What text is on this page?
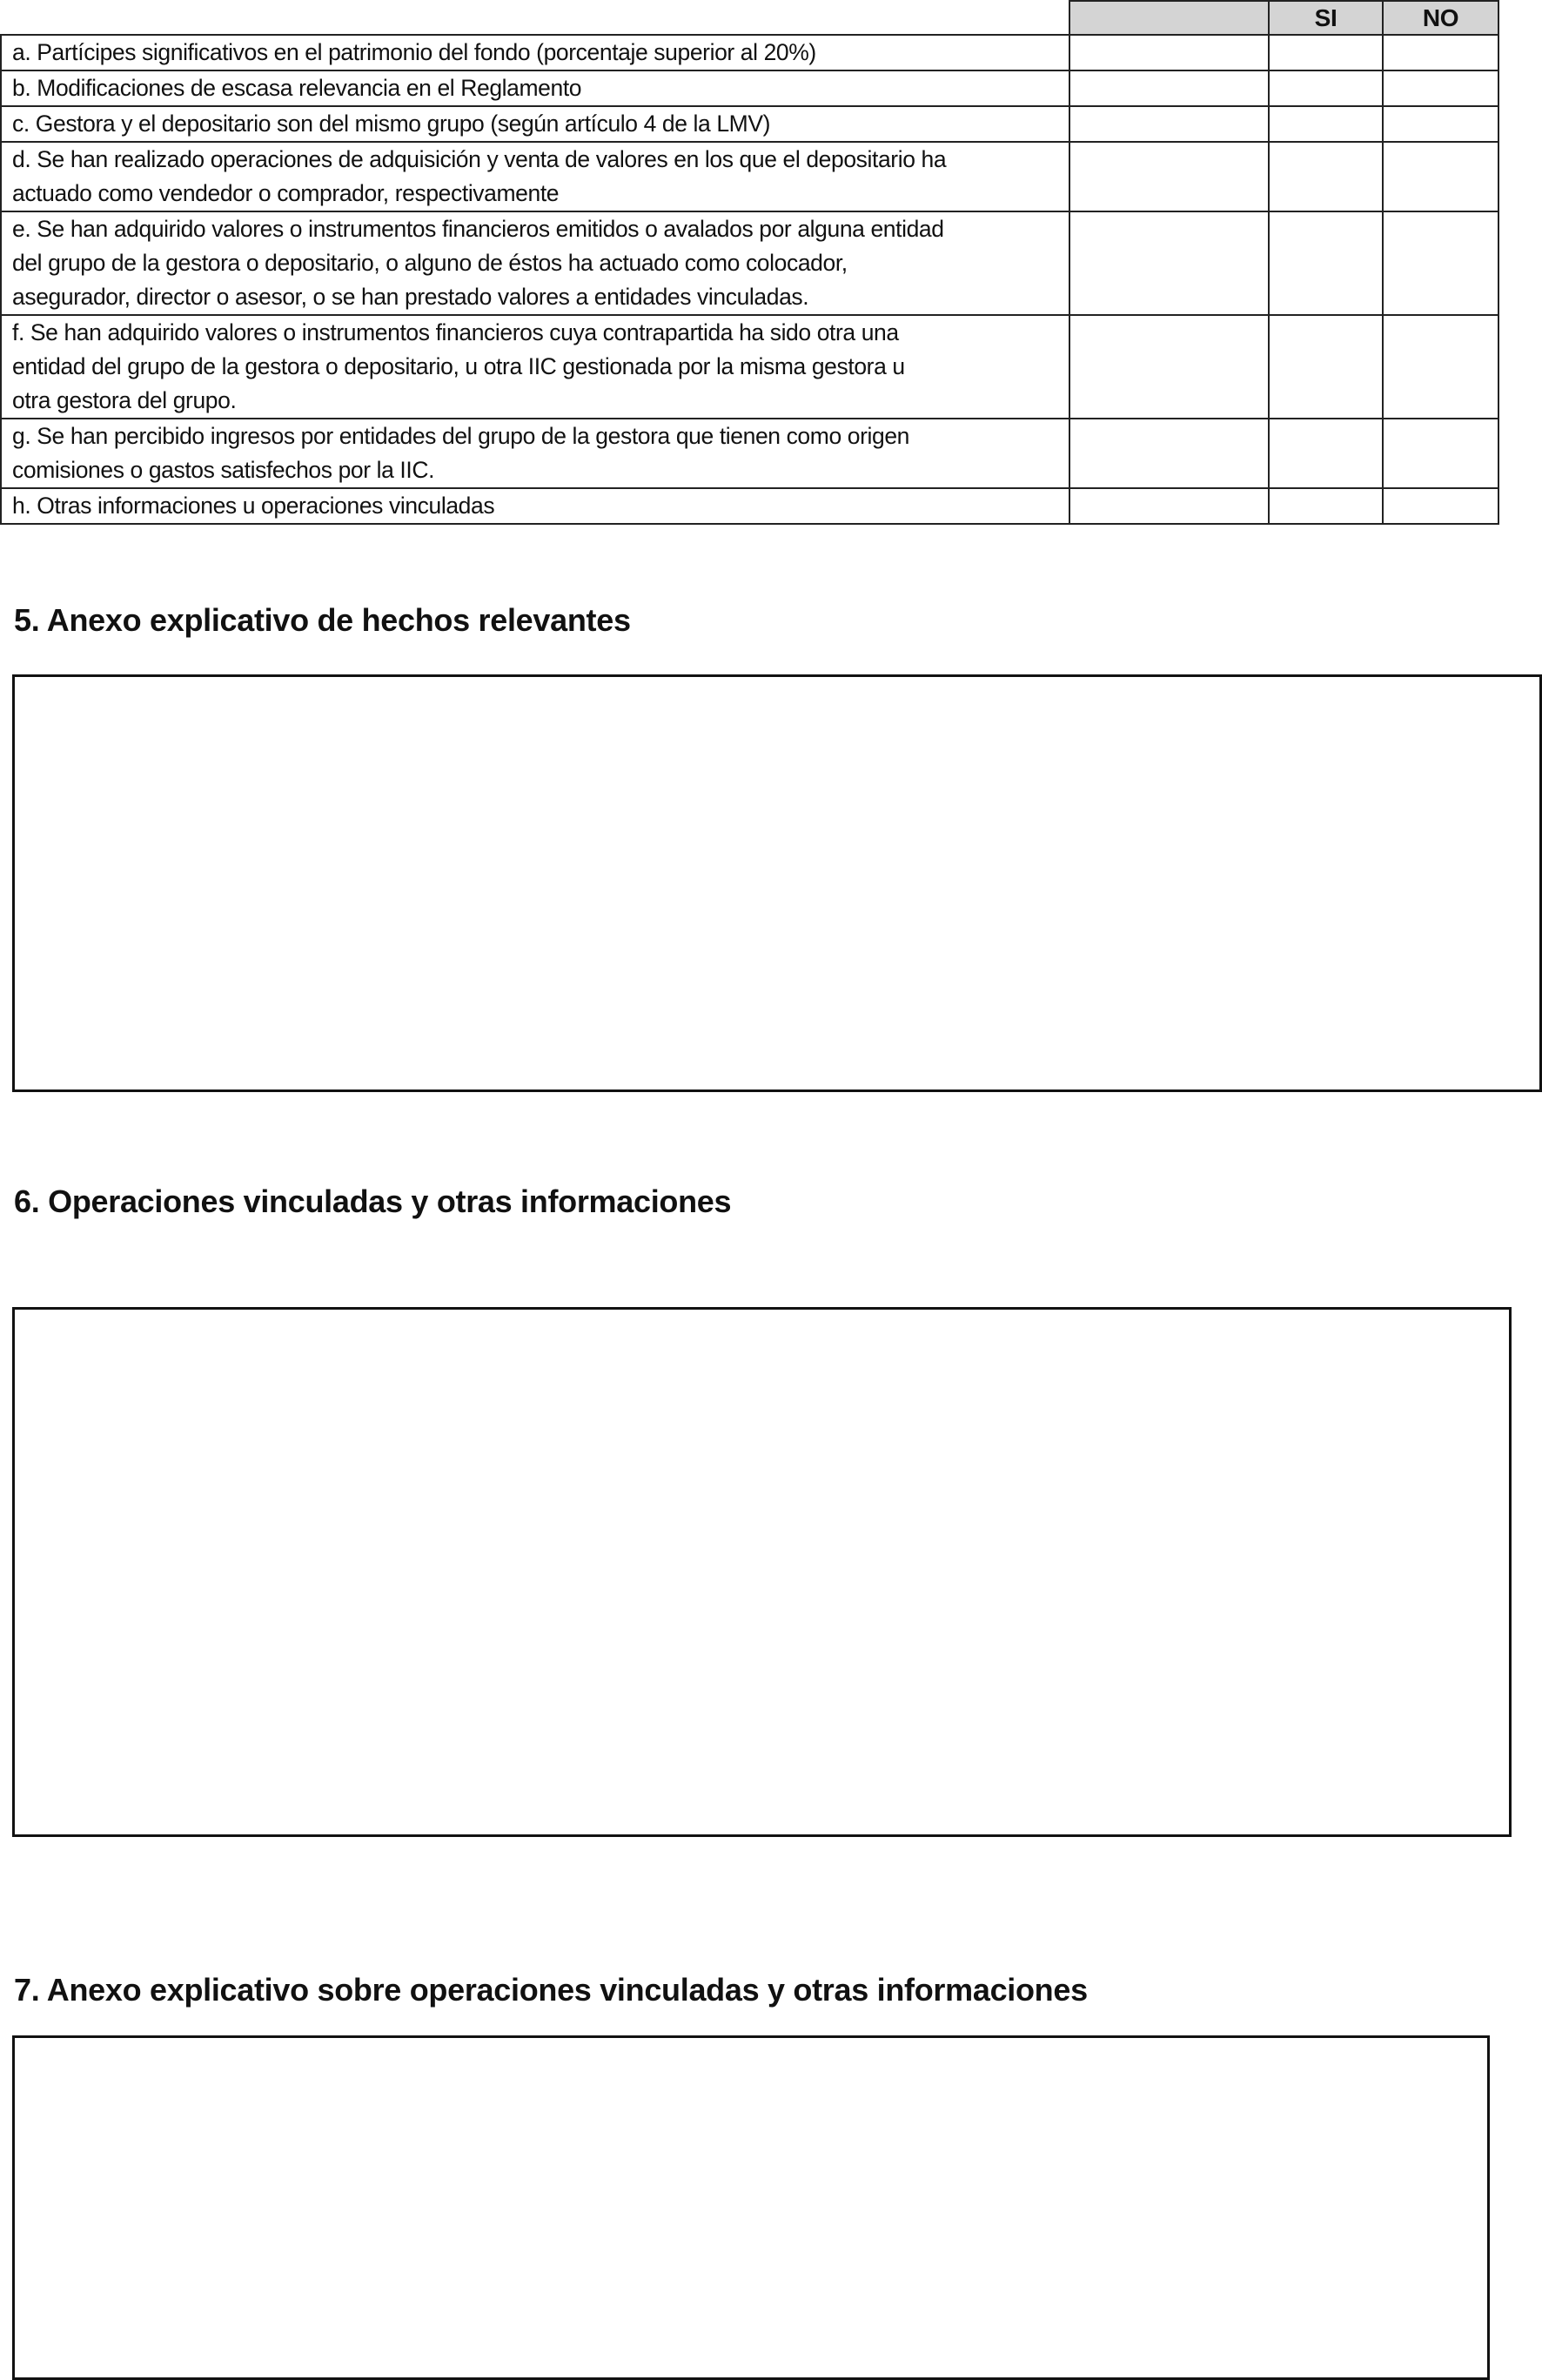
		SI	NO
a. Partícipes significativos en el patrimonio del fondo (porcentaje superior al 20%)			
b. Modificaciones de escasa relevancia en el Reglamento			
c. Gestora y el depositario son del mismo grupo (según artículo 4 de la LMV)			
d. Se han realizado operaciones de adquisición y venta de valores en los que el depositario ha
actuado como vendedor o comprador, respectivamente			
e. Se han adquirido valores o instrumentos financieros emitidos o avalados por alguna entidad
del grupo de la gestora o depositario, o alguno de éstos ha actuado como colocador,
asegurador, director o asesor, o se han prestado valores a entidades vinculadas.			
f. Se han adquirido valores o instrumentos financieros cuya contrapartida ha sido otra una
entidad del grupo de la gestora o depositario, u otra IIC gestionada por la misma gestora u
otra gestora del grupo.			
g. Se han percibido ingresos por entidades del grupo de la gestora que tienen como origen
comisiones o gastos satisfechos por la IIC.			
h. Otras informaciones u operaciones vinculadas			
5. Anexo explicativo de hechos relevantes
6. Operaciones vinculadas y otras informaciones
7. Anexo explicativo sobre operaciones vinculadas y otras informaciones
